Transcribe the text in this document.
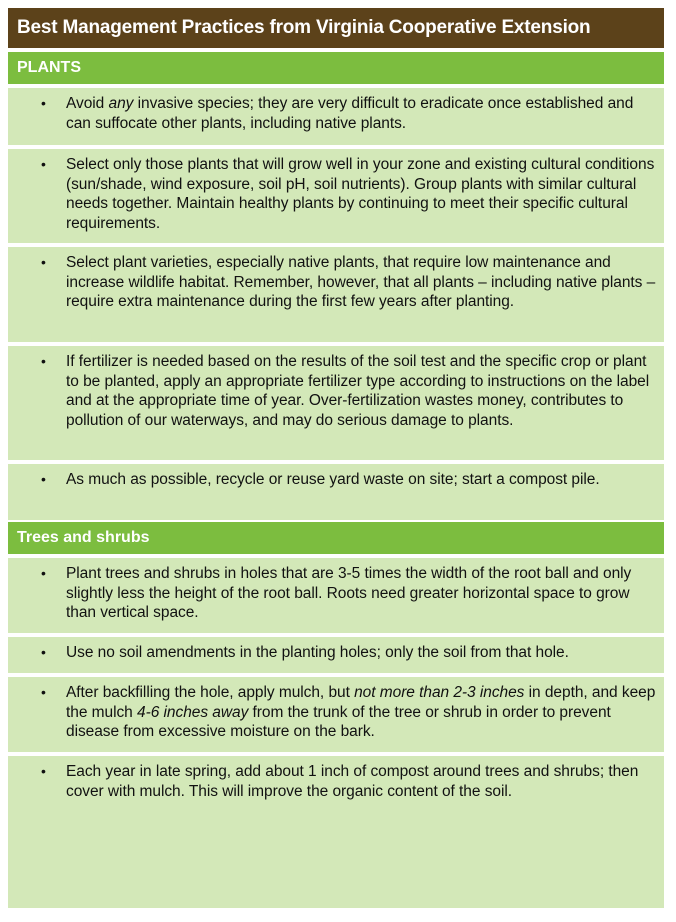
Best Management Practices from Virginia Cooperative Extension
PLANTS
• Avoid any invasive species; they are very difficult to eradicate once established and can suffocate other plants, including native plants.
• Select only those plants that will grow well in your zone and existing cultural conditions (sun/shade, wind exposure, soil pH, soil nutrients). Group plants with similar cultural needs together. Maintain healthy plants by continuing to meet their specific cultural requirements.
• Select plant varieties, especially native plants, that require low maintenance and increase wildlife habitat. Remember, however, that all plants – including native plants – require extra maintenance during the first few years after planting.
• If fertilizer is needed based on the results of the soil test and the specific crop or plant to be planted, apply an appropriate fertilizer type according to instructions on the label and at the appropriate time of year. Over-fertilization wastes money, contributes to pollution of our waterways, and may do serious damage to plants.
• As much as possible, recycle or reuse yard waste on site; start a compost pile.
Trees and shrubs
• Plant trees and shrubs in holes that are 3-5 times the width of the root ball and only slightly less the height of the root ball. Roots need greater horizontal space to grow than vertical space.
• Use no soil amendments in the planting holes; only the soil from that hole.
• After backfilling the hole, apply mulch, but not more than 2-3 inches in depth, and keep the mulch 4-6 inches away from the trunk of the tree or shrub in order to prevent disease from excessive moisture on the bark.
• Each year in late spring, add about 1 inch of compost around trees and shrubs; then cover with mulch. This will improve the organic content of the soil.
